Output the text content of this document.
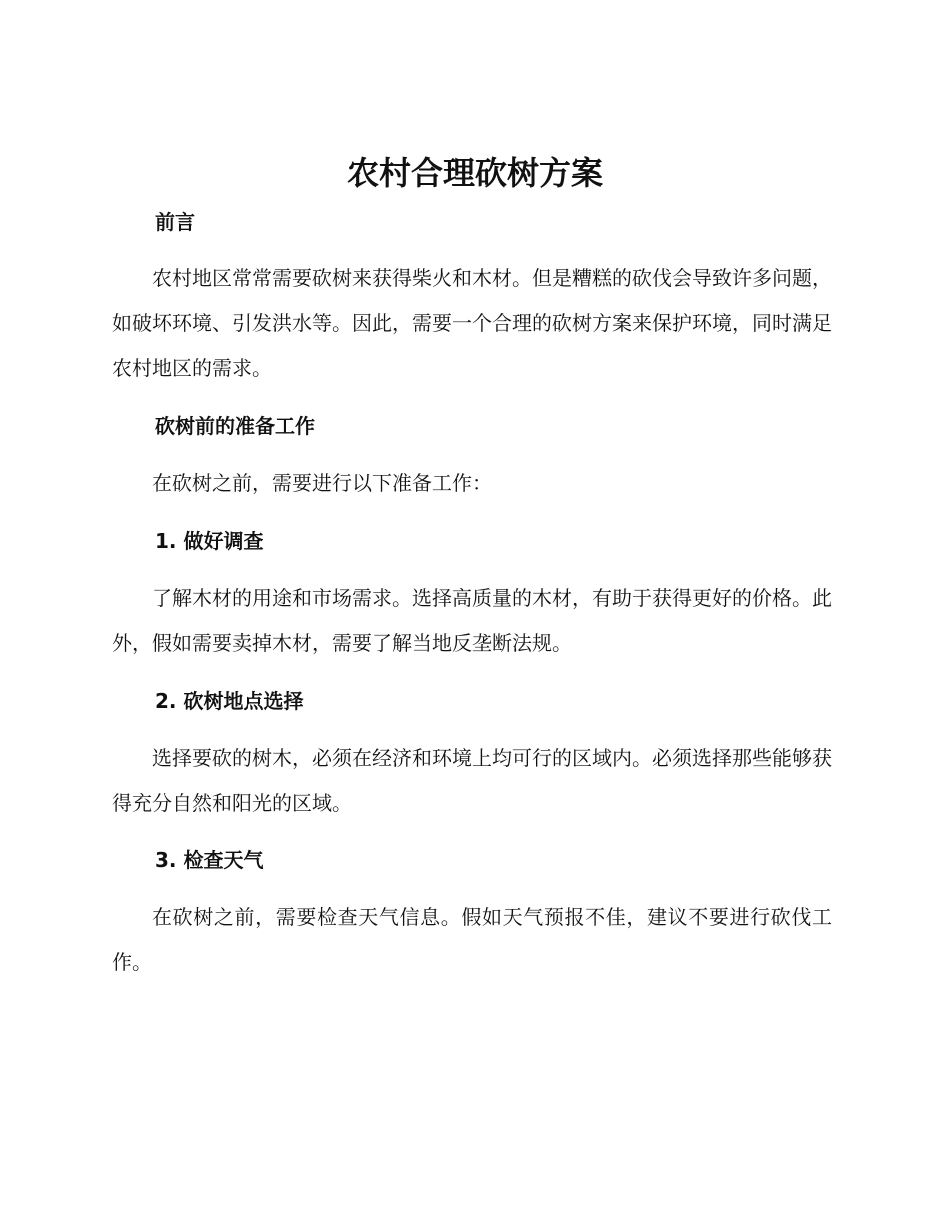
农村合理砍树方案
前言

农村地区常常需要砍树来获得柴火和木材。但是糟糕的砍伐会导致许多问题，如破坏环境、引发洪水等。因此，需要一个合理的砍树方案来保护环境，同时满足农村地区的需求。

砍树前的准备工作

在砍树之前，需要进行以下准备工作：

1. 做好调查

了解木材的用途和市场需求。选择高质量的木材，有助于获得更好的价格。此外，假如需要卖掉木材，需要了解当地反垄断法规。

2. 砍树地点选择

选择要砍的树木，必须在经济和环境上均可行的区域内。必须选择那些能够获得充分自然和阳光的区域。

3. 检查天气

在砍树之前，需要检查天气信息。假如天气预报不佳，建议不要进行砍伐工作。
